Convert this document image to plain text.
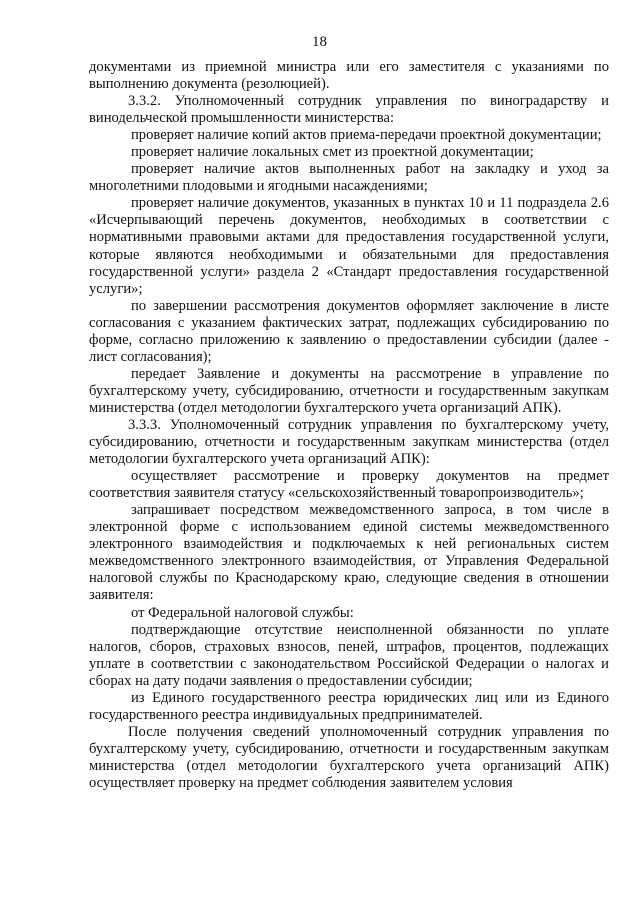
18

документами из приемной министра или его заместителя с указаниями по выполнению документа (резолюцией).

3.3.2. Уполномоченный сотрудник управления по виноградарству и винодельческой промышленности министерства:

проверяет наличие копий актов приема-передачи проектной документации;

проверяет наличие локальных смет из проектной документации;

проверяет наличие актов выполненных работ на закладку и уход за многолетними плодовыми и ягодными насаждениями;

проверяет наличие документов, указанных в пунктах 10 и 11 подраздела 2.6 «Исчерпывающий перечень документов, необходимых в соответствии с нормативными правовыми актами для предоставления государственной услуги, которые являются необходимыми и обязательными для предоставления государственной услуги» раздела 2 «Стандарт предоставления государственной услуги»;

по завершении рассмотрения документов оформляет заключение в листе согласования с указанием фактических затрат, подлежащих субсидированию по форме, согласно приложению к заявлению о предоставлении субсидии (далее - лист согласования);

передает Заявление и документы на рассмотрение в управление по бухгалтерскому учету, субсидированию, отчетности и государственным закупкам министерства (отдел методологии бухгалтерского учета организаций АПК).

3.3.3. Уполномоченный сотрудник управления по бухгалтерскому учету, субсидированию, отчетности и государственным закупкам министерства (отдел методологии бухгалтерского учета организаций АПК):

осуществляет рассмотрение и проверку документов на предмет соответствия заявителя статусу «сельскохозяйственный товаропроизводитель»;

запрашивает посредством межведомственного запроса, в том числе в электронной форме с использованием единой системы межведомственного электронного взаимодействия и подключаемых к ней региональных систем межведомственного электронного взаимодействия, от Управления Федеральной налоговой службы по Краснодарскому краю, следующие сведения в отношении заявителя:

от Федеральной налоговой службы:

подтверждающие отсутствие неисполненной обязанности по уплате налогов, сборов, страховых взносов, пеней, штрафов, процентов, подлежащих уплате в соответствии с законодательством Российской Федерации о налогах и сборах на дату подачи заявления о предоставлении субсидии;

из Единого государственного реестра юридических лиц или из Единого государственного реестра индивидуальных предпринимателей.

После получения сведений уполномоченный сотрудник управления по бухгалтерскому учету, субсидированию, отчетности и государственным закупкам министерства (отдел методологии бухгалтерского учета организаций АПК) осуществляет проверку на предмет соблюдения заявителем условия
